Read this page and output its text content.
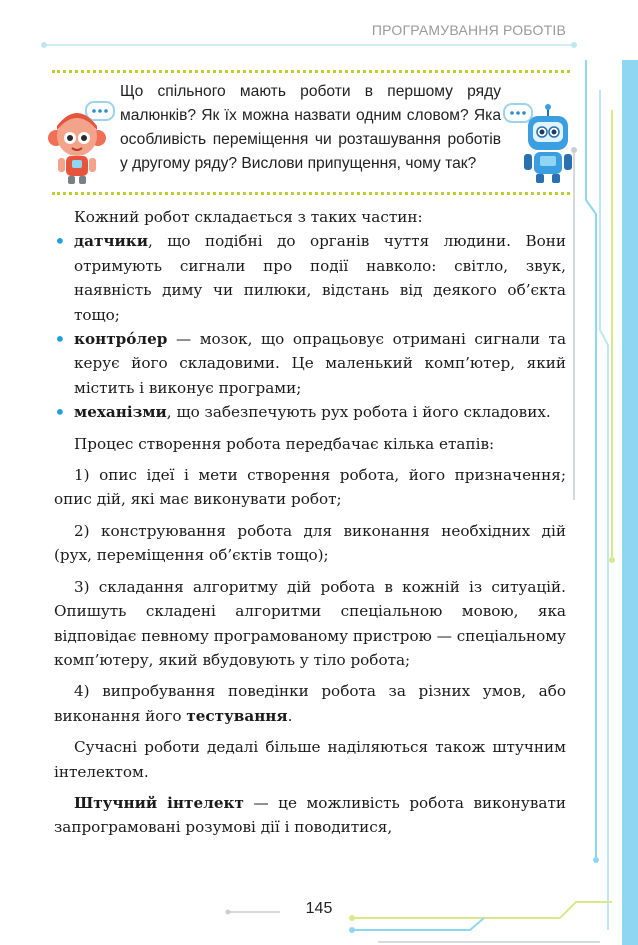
ПРОГРАМУВАННЯ РОБОТІВ
Що спільного мають роботи в першому ряду малюнків? Як їх можна назвати одним словом? Яка особливість переміщення чи розташування роботів у другому ряду? Вислови припущення, чому так?

Кожний робот складається з таких частин:

• датчики, що подібні до органів чуття людини. Вони отримують сигнали про події навколо: світло, звук, наявність диму чи пилюки, відстань від деякого об’єкта тощо;
• контро́лер — мозок, що опрацьовує отримані сигнали та керує його складовими. Це маленький комп’ютер, який містить і виконує програми;
• механізми, що забезпечують рух робота і його складових.

Процес створення робота передбачає кілька етапів:

1) опис ідеї і мети створення робота, його призначення; опис дій, які має виконувати робот;

2) конструювання робота для виконання необхідних дій (рух, переміщення об’єктів тощо);

3) складання алгоритму дій робота в кожній із ситуацій. Опишуть складені алгоритми спеціальною мовою, яка відповідає певному програмованому пристрою — спеціальному комп’ютеру, який вбудовують у тіло робота;

4) випробування поведінки робота за різних умов, або виконання його тестування.

Сучасні роботи дедалі більше наділяються також штучним інтелектом.

Штучний інтелект — це можливість робота виконувати запрограмовані розумові дії і поводитися,

145
